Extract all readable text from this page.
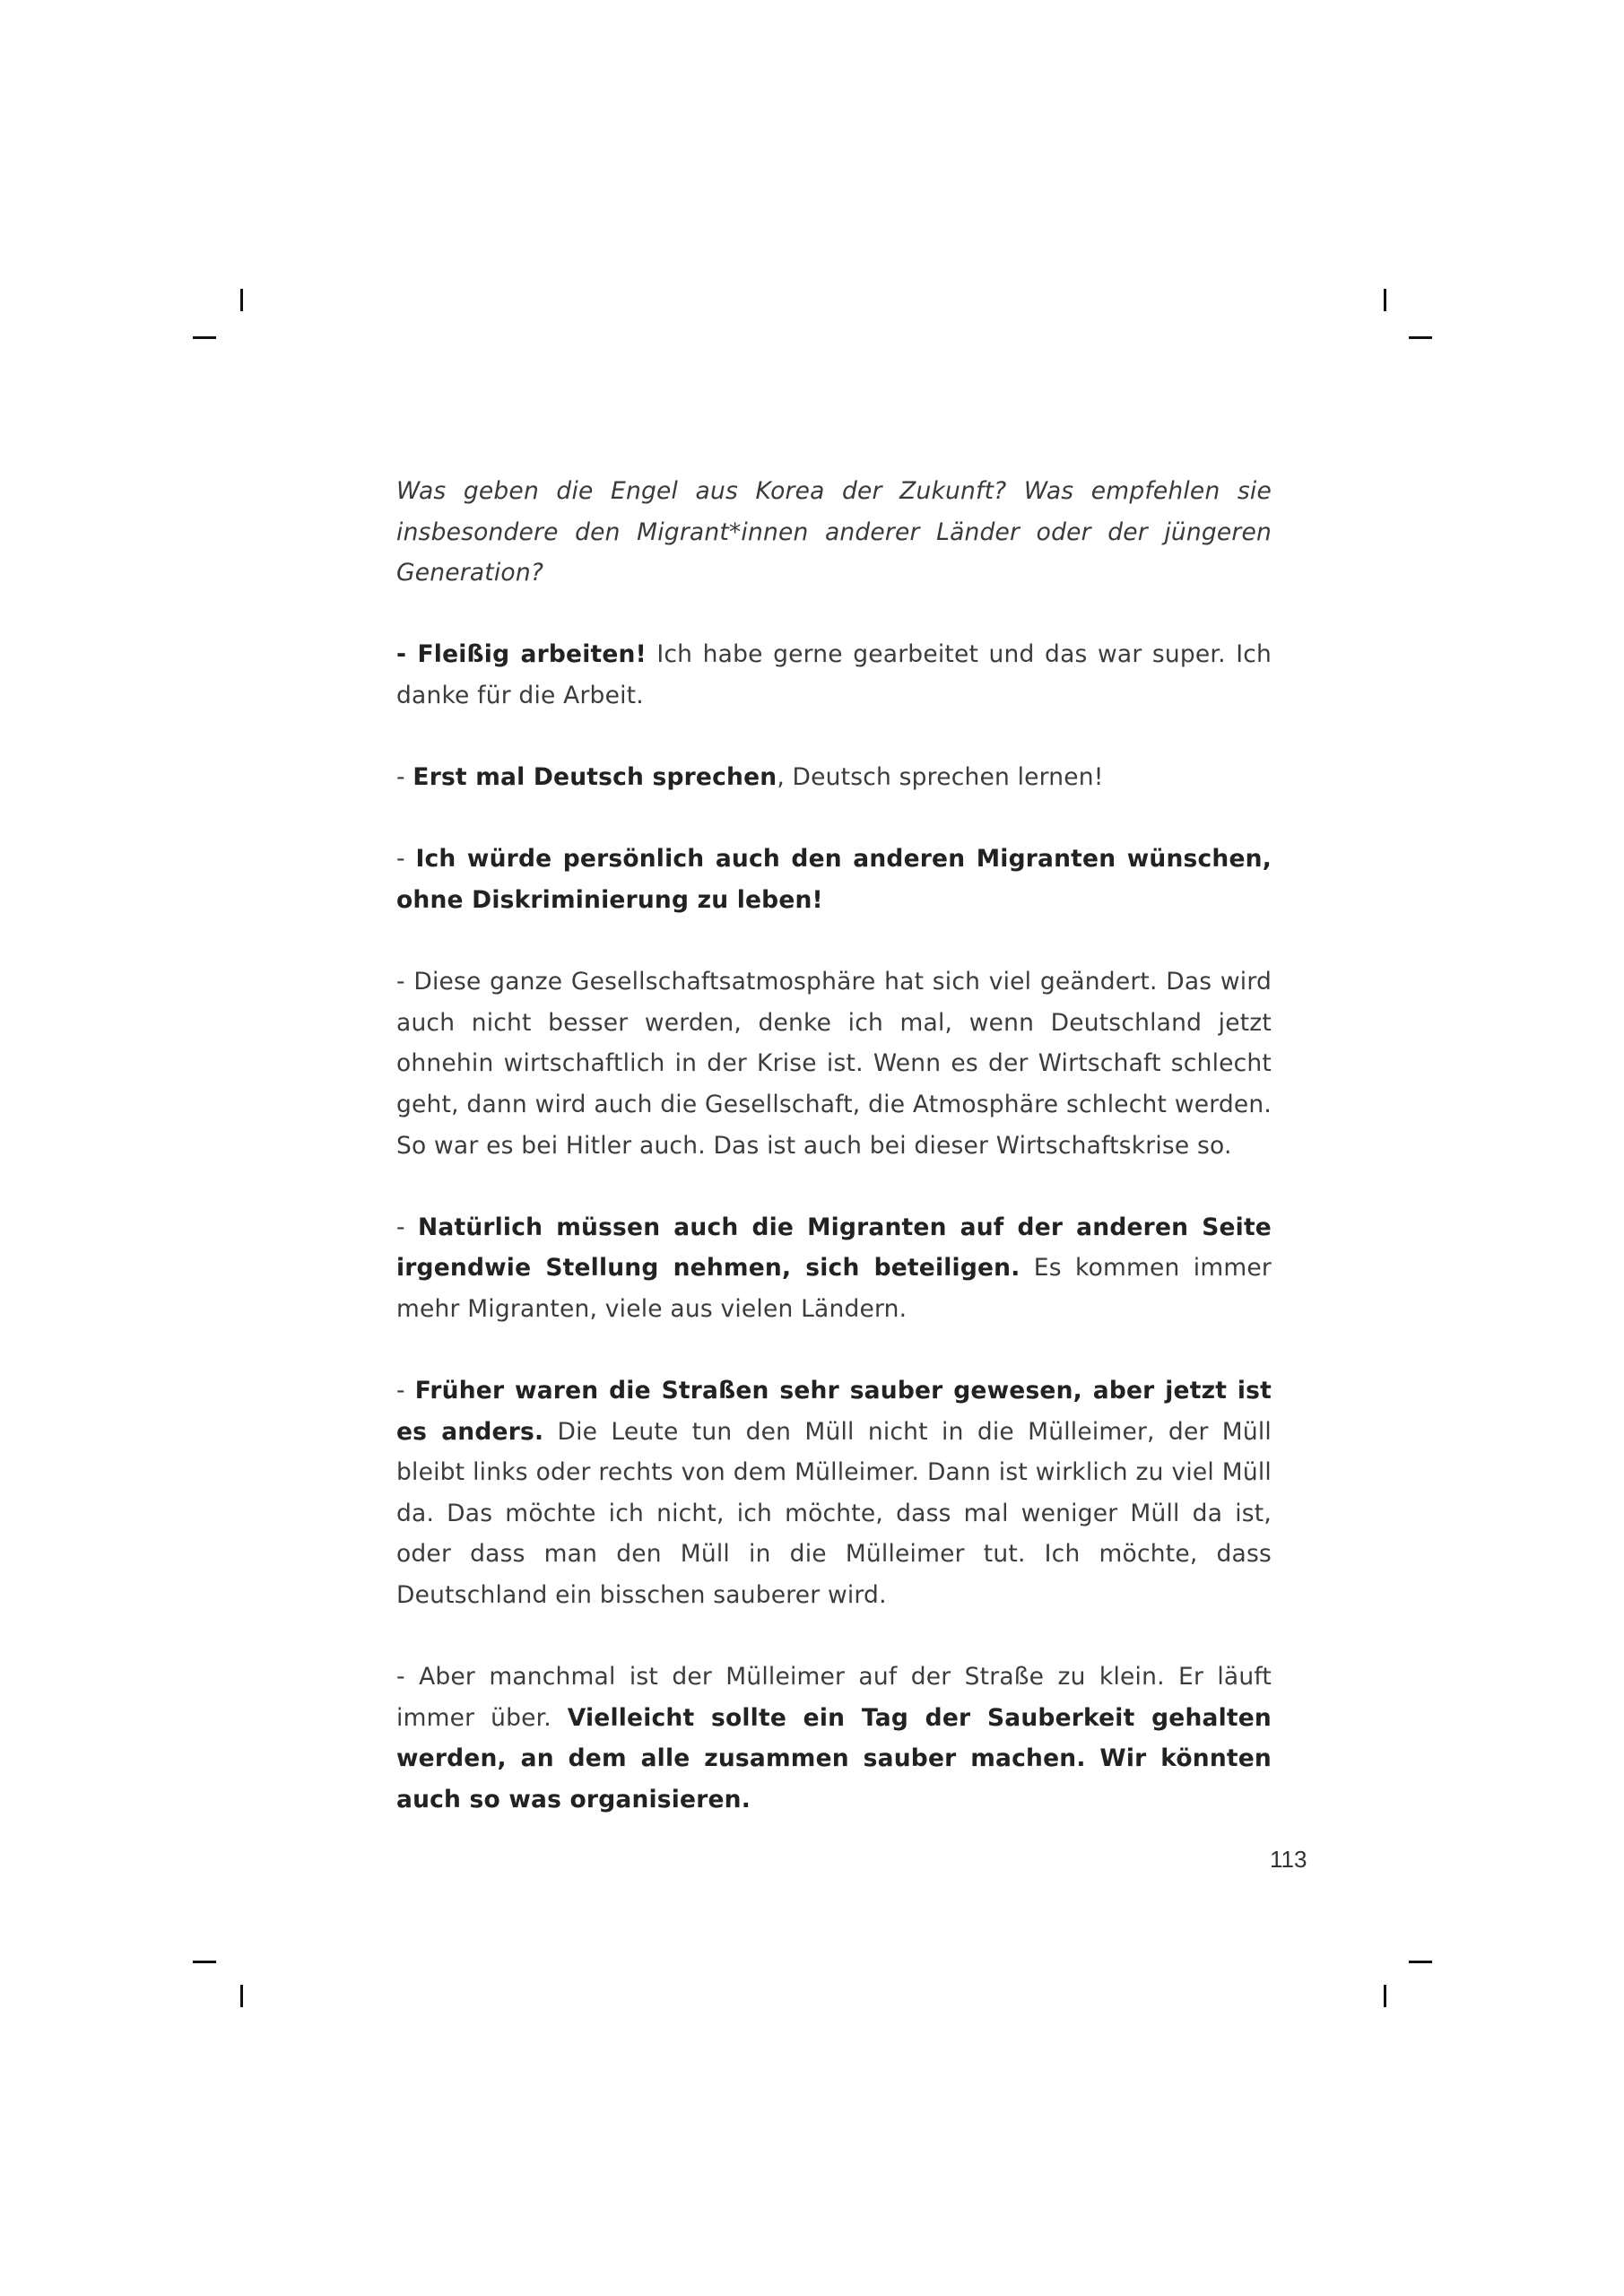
Was geben die Engel aus Korea der Zukunft? Was empfehlen sie insbesondere den Migrant*innen anderer Länder oder der jüngeren Generation?

- Fleißig arbeiten! Ich habe gerne gearbeitet und das war super. Ich danke für die Arbeit.

- Erst mal Deutsch sprechen, Deutsch sprechen lernen!

- Ich würde persönlich auch den anderen Migranten wünschen, ohne Diskriminierung zu leben!

- Diese ganze Gesellschaftsatmosphäre hat sich viel geändert. Das wird auch nicht besser werden, denke ich mal, wenn Deutschland jetzt ohnehin wirtschaftlich in der Krise ist. Wenn es der Wirtschaft schlecht geht, dann wird auch die Gesellschaft, die Atmosphäre schlecht werden. So war es bei Hitler auch. Das ist auch bei dieser Wirtschaftskrise so.

- Natürlich müssen auch die Migranten auf der anderen Seite irgendwie Stellung nehmen, sich beteiligen. Es kommen immer mehr Migranten, viele aus vielen Ländern.

- Früher waren die Straßen sehr sauber gewesen, aber jetzt ist es anders. Die Leute tun den Müll nicht in die Mülleimer, der Müll bleibt links oder rechts von dem Mülleimer. Dann ist wirklich zu viel Müll da. Das möchte ich nicht, ich möchte, dass mal weniger Müll da ist, oder dass man den Müll in die Mülleimer tut. Ich möchte, dass Deutschland ein bisschen sauberer wird.

- Aber manchmal ist der Mülleimer auf der Straße zu klein. Er läuft immer über. Vielleicht sollte ein Tag der Sauberkeit gehalten werden, an dem alle zusammen sauber machen. Wir könnten auch so was organisieren.

113
